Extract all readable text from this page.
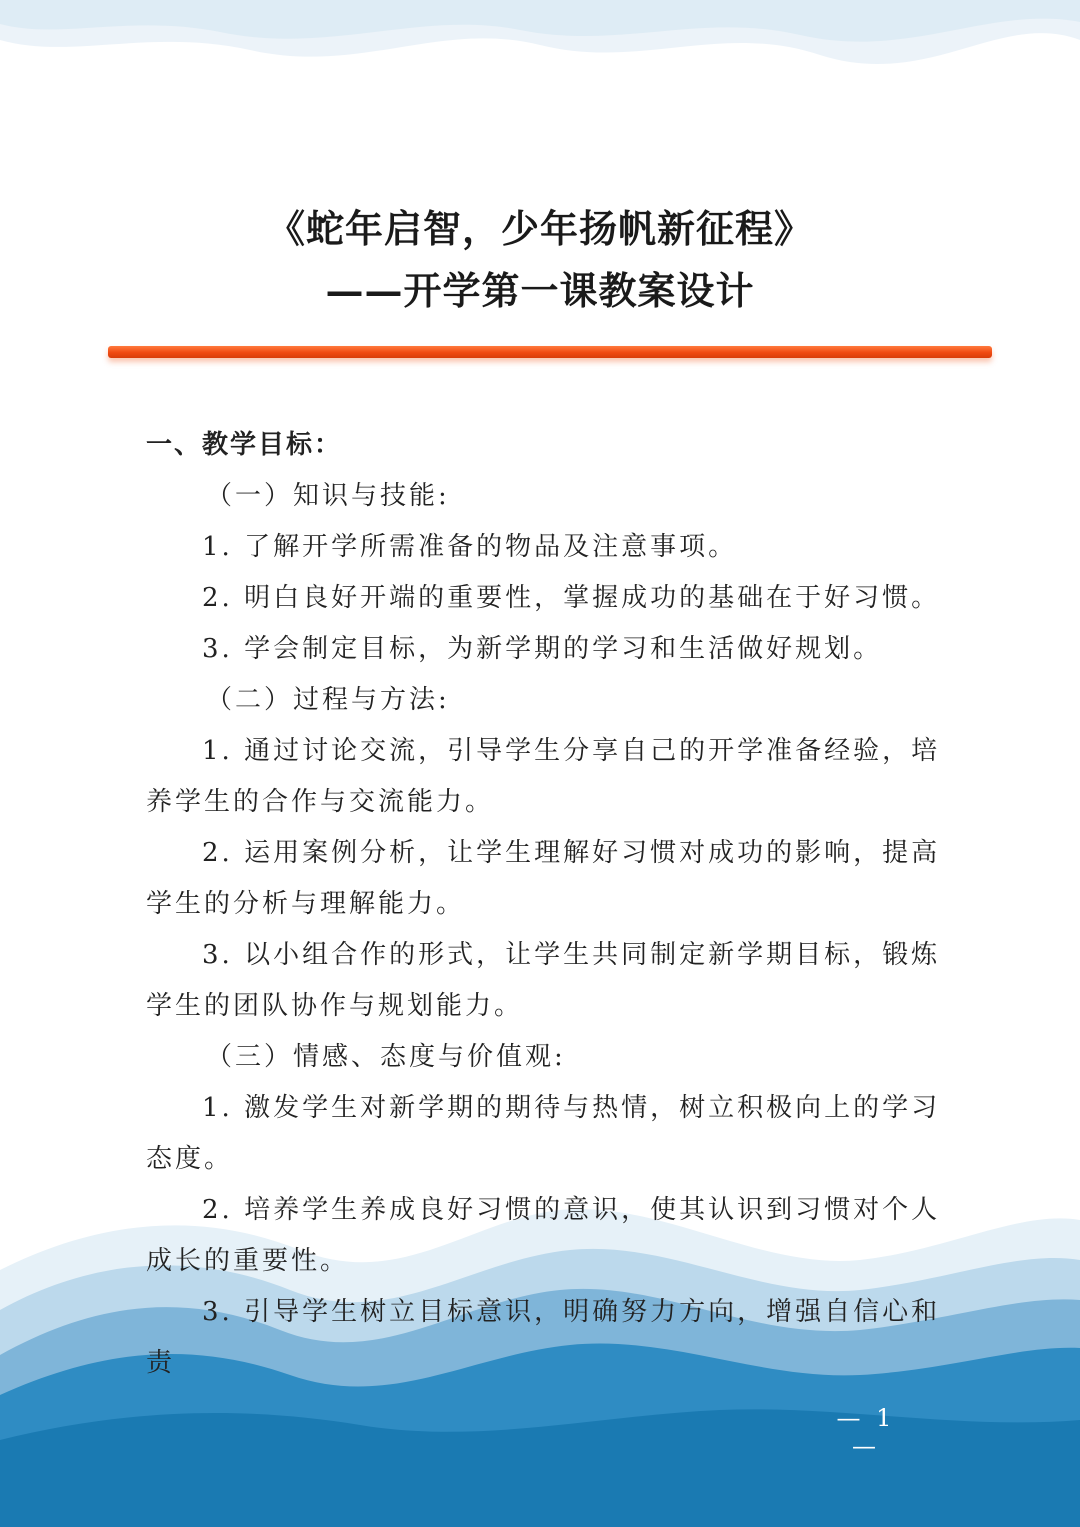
《蛇年启智，少年扬帆新征程》
——开学第一课教案设计

一、教学目标：

（一）知识与技能:

1. 了解开学所需准备的物品及注意事项。

2. 明白良好开端的重要性，掌握成功的基础在于好习惯。

3. 学会制定目标，为新学期的学习和生活做好规划。

（二）过程与方法:

1. 通过讨论交流，引导学生分享自己的开学准备经验，培养学生的合作与交流能力。

2. 运用案例分析，让学生理解好习惯对成功的影响，提高学生的分析与理解能力。

3. 以小组合作的形式，让学生共同制定新学期目标，锻炼学生的团队协作与规划能力。

（三）情感、态度与价值观:

1. 激发学生对新学期的期待与热情，树立积极向上的学习态度。

2. 培养学生养成良好习惯的意识，使其认识到习惯对个人成长的重要性。

3. 引导学生树立目标意识，明确努力方向，增强自信心和责

— 1 —
